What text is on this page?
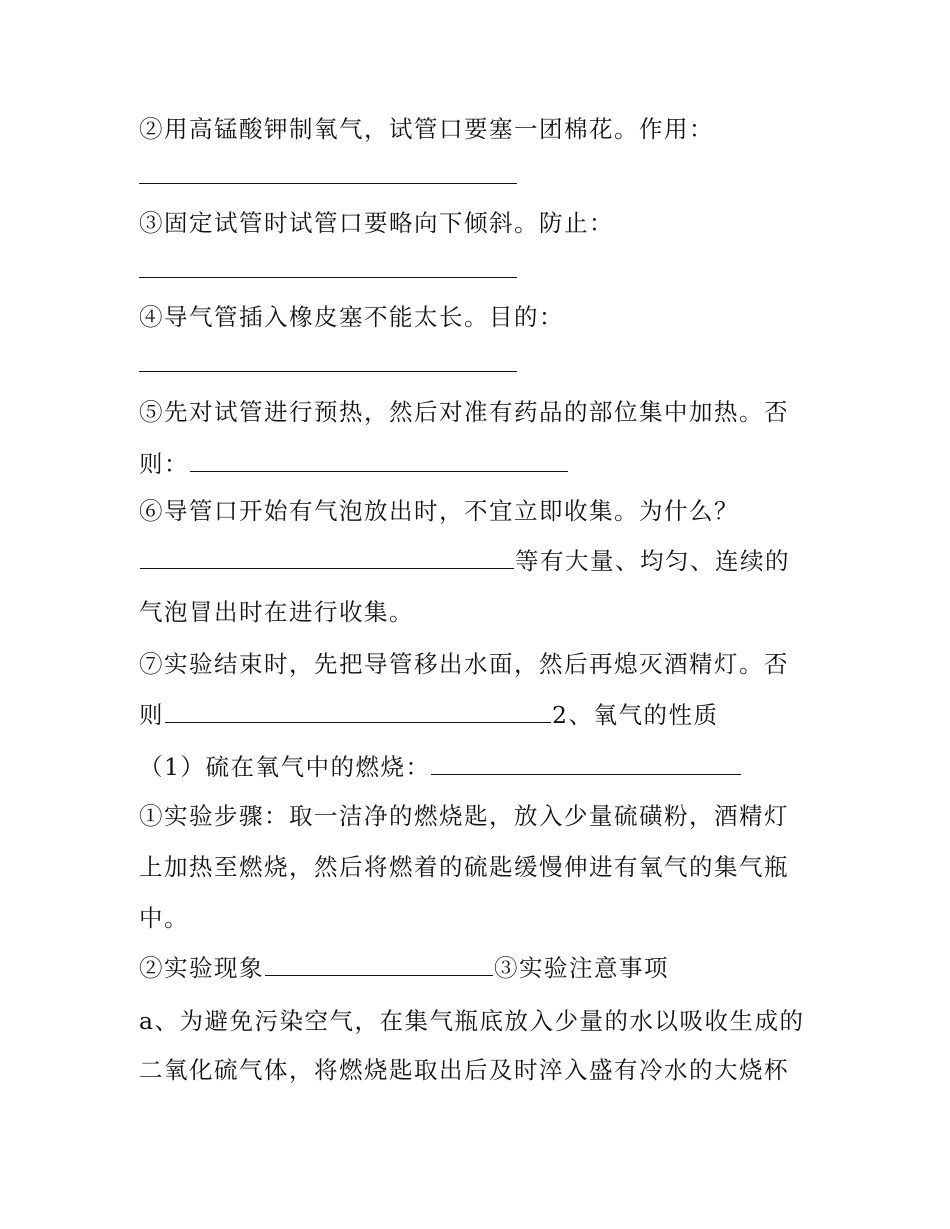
②用高锰酸钾制氧气，试管口要塞一团棉花。作用：
③固定试管时试管口要略向下倾斜。防止：
④导气管插入橡皮塞不能太长。目的：
⑤先对试管进行预热，然后对准有药品的部位集中加热。否
则：
⑥导管口开始有气泡放出时，不宜立即收集。为什么？
等有大量、均匀、连续的
气泡冒出时在进行收集。
⑦实验结束时，先把导管移出水面，然后再熄灭酒精灯。否
则	2、氧气的性质
（1）硫在氧气中的燃烧：
①实验步骤：取一洁净的燃烧匙，放入少量硫磺粉，酒精灯
上加热至燃烧，然后将燃着的硫匙缓慢伸进有氧气的集气瓶
中。
②实验现象	③实验注意事项
a、为避免污染空气，在集气瓶底放入少量的水以吸收生成的
二氧化硫气体，将燃烧匙取出后及时淬入盛有冷水的大烧杯
